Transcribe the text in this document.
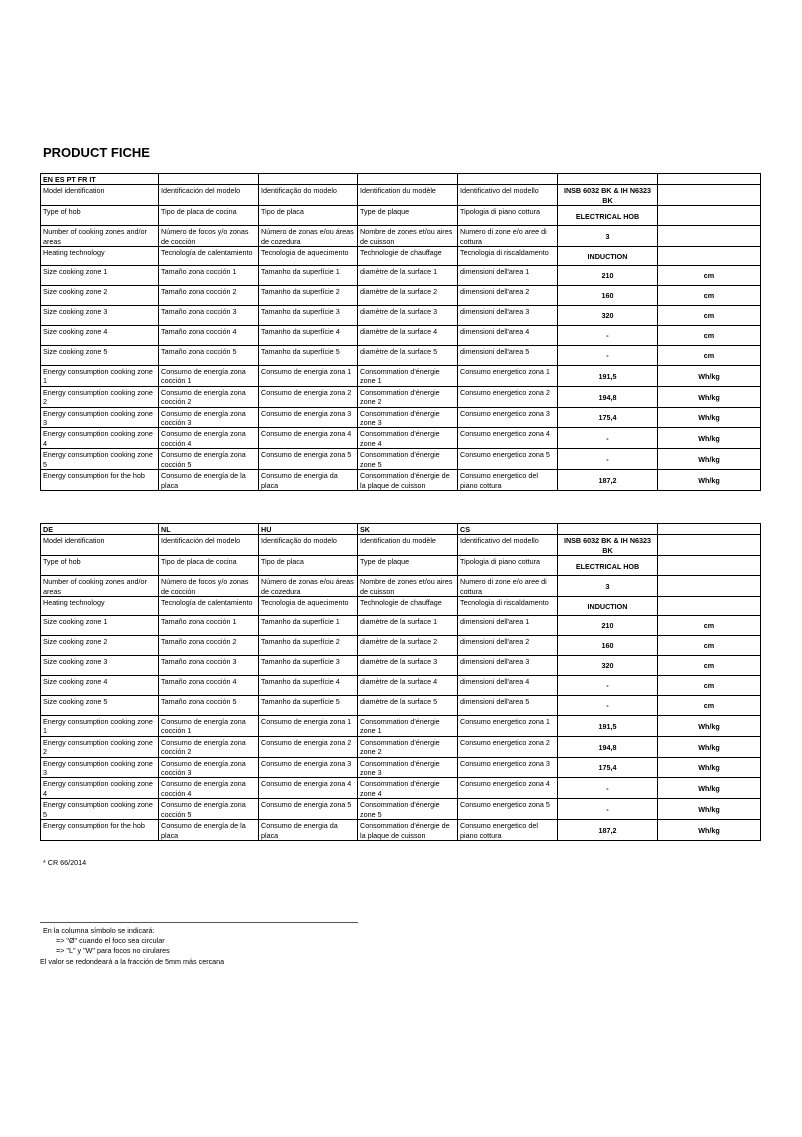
PRODUCT FICHE
EN ES PT FR IT						
Model identification	Identificación del modelo	Identificação do modelo	Identification du modèle	Identificativo del modello	INSB 6032 BK & IH N6323 BK	
Type of hob	Tipo de placa de cocina	Tipo de placa	Type de plaque	Tipologia di piano cottura	ELECTRICAL HOB	
Number of cooking zones and/or areas	Número de focos y/o zonas de cocción	Número de zonas e/ou áreas de cozedura	Nombre de zones et/ou aires de cuisson	Numero di zone e/o aree di cottura	3	
Heating technology	Tecnología de calentamiento	Tecnologia de aquecimento	Technologie de chauffage	Tecnologia di riscaldamento	INDUCTION	
Size cooking zone 1	Tamaño zona cocción 1	Tamanho da superfície 1	diamètre de la surface 1	dimensioni dell'area 1	210	cm
Size cooking zone 2	Tamaño zona cocción 2	Tamanho da superfície 2	diamètre de la surface 2	dimensioni dell'area 2	160	cm
Size cooking zone 3	Tamaño zona cocción 3	Tamanho da superfície 3	diamètre de la surface 3	dimensioni dell'area 3	320	cm
Size cooking zone 4	Tamaño zona cocción 4	Tamanho da superfície 4	diamètre de la surface 4	dimensioni dell'area 4	-	cm
Size cooking zone 5	Tamaño zona cocción 5	Tamanho da superfície 5	diamètre de la surface 5	dimensioni dell'area 5	-	cm
Energy consumption cooking zone 1	Consumo de energía zona cocción 1	Consumo de energia zona 1	Consommation d'énergie zone 1	Consumo energetico zona 1	191,5	Wh/kg
Energy consumption cooking zone 2	Consumo de energía zona cocción 2	Consumo de energia zona 2	Consommation d'énergie zone 2	Consumo energetico zona 2	194,8	Wh/kg
Energy consumption cooking zone 3	Consumo de energía zona cocción 3	Consumo de energia zona 3	Consommation d'énergie zone 3	Consumo energetico zona 3	175,4	Wh/kg
Energy consumption cooking zone 4	Consumo de energía zona cocción 4	Consumo de energia zona 4	Consommation d'énergie zone 4	Consumo energetico zona 4	-	Wh/kg
Energy consumption cooking zone 5	Consumo de energía zona cocción 5	Consumo de energia zona 5	Consommation d'énergie zone 5	Consumo energetico zona 5	-	Wh/kg
Energy consumption for the hob	Consumo de energía de la placa	Consumo de energia da placa	Consommation d'énergie de la plaque de cuisson	Consumo energetico del piano cottura	187,2	Wh/kg
DE	NL	HU	SK	CS		
Model identification	Identificación del modelo	Identificação do modelo	Identification du modèle	Identificativo del modello	INSB 6032 BK & IH N6323 BK	
Type of hob	Tipo de placa de cocina	Tipo de placa	Type de plaque	Tipologia di piano cottura	ELECTRICAL HOB	
Number of cooking zones and/or areas	Número de focos y/o zonas de cocción	Número de zonas e/ou áreas de cozedura	Nombre de zones et/ou aires de cuisson	Numero di zone e/o aree di cottura	3	
Heating technology	Tecnología de calentamiento	Tecnologia de aquecimento	Technologie de chauffage	Tecnologia di riscaldamento	INDUCTION	
Size cooking zone 1	Tamaño zona cocción 1	Tamanho da superfície 1	diamètre de la surface 1	dimensioni dell'area 1	210	cm
Size cooking zone 2	Tamaño zona cocción 2	Tamanho da superfície 2	diamètre de la surface 2	dimensioni dell'area 2	160	cm
Size cooking zone 3	Tamaño zona cocción 3	Tamanho da superfície 3	diamètre de la surface 3	dimensioni dell'area 3	320	cm
Size cooking zone 4	Tamaño zona cocción 4	Tamanho da superfície 4	diamètre de la surface 4	dimensioni dell'area 4	-	cm
Size cooking zone 5	Tamaño zona cocción 5	Tamanho da superfície 5	diamètre de la surface 5	dimensioni dell'area 5	-	cm
Energy consumption cooking zone 1	Consumo de energía zona cocción 1	Consumo de energia zona 1	Consommation d'énergie zone 1	Consumo energetico zona 1	191,5	Wh/kg
Energy consumption cooking zone 2	Consumo de energía zona cocción 2	Consumo de energia zona 2	Consommation d'énergie zone 2	Consumo energetico zona 2	194,8	Wh/kg
Energy consumption cooking zone 3	Consumo de energía zona cocción 3	Consumo de energia zona 3	Consommation d'énergie zone 3	Consumo energetico zona 3	175,4	Wh/kg
Energy consumption cooking zone 4	Consumo de energía zona cocción 4	Consumo de energia zona 4	Consommation d'énergie zone 4	Consumo energetico zona 4	-	Wh/kg
Energy consumption cooking zone 5	Consumo de energía zona cocción 5	Consumo de energia zona 5	Consommation d'énergie zone 5	Consumo energetico zona 5	-	Wh/kg
Energy consumption for the hob	Consumo de energía de la placa	Consumo de energia da placa	Consommation d'énergie de la plaque de cuisson	Consumo energetico del piano cottura	187,2	Wh/kg
* CR 66/2014
En la columna símbolo se indicará:
=> "Ø" cuando el foco sea circular
=> "L" y "W" para focos no cirulares
El valor se redondeará a la fracción de 5mm más cercana
